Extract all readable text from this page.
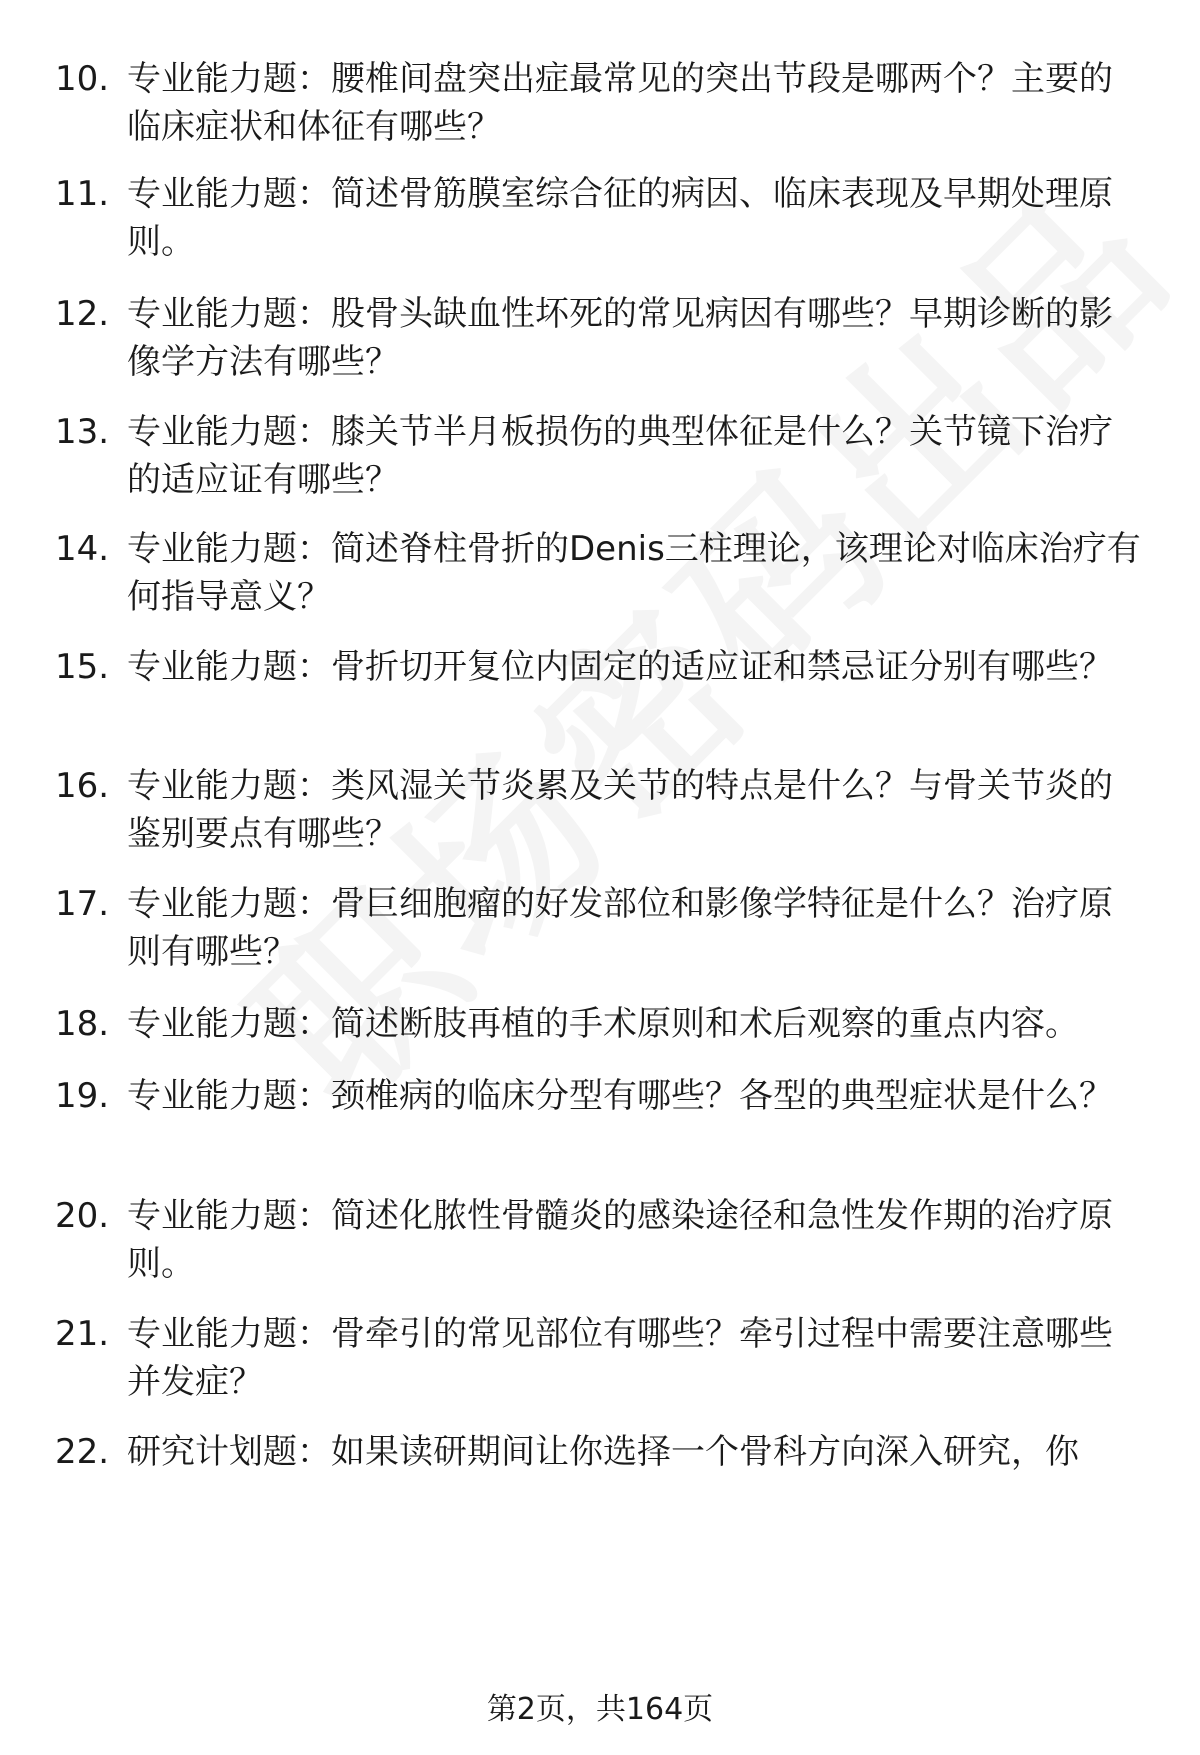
10. 专业能力题：腰椎间盘突出症最常见的突出节段是哪两个？主要的临床症状和体征有哪些？
11. 专业能力题：简述骨筋膜室综合征的病因、临床表现及早期处理原则。
12. 专业能力题：股骨头缺血性坏死的常见病因有哪些？早期诊断的影像学方法有哪些？
13. 专业能力题：膝关节半月板损伤的典型体征是什么？关节镜下治疗的适应证有哪些？
14. 专业能力题：简述脊柱骨折的Denis三柱理论，该理论对临床治疗有何指导意义？
15. 专业能力题：骨折切开复位内固定的适应证和禁忌证分别有哪些？
16. 专业能力题：类风湿关节炎累及关节的特点是什么？与骨关节炎的鉴别要点有哪些？
17. 专业能力题：骨巨细胞瘤的好发部位和影像学特征是什么？治疗原则有哪些？
18. 专业能力题：简述断肢再植的手术原则和术后观察的重点内容。
19. 专业能力题：颈椎病的临床分型有哪些？各型的典型症状是什么？
20. 专业能力题：简述化脓性骨髓炎的感染途径和急性发作期的治疗原则。
21. 专业能力题：骨牵引的常见部位有哪些？牵引过程中需要注意哪些并发症？
22. 研究计划题：如果读研期间让你选择一个骨科方向深入研究，你
第2页，共164页
